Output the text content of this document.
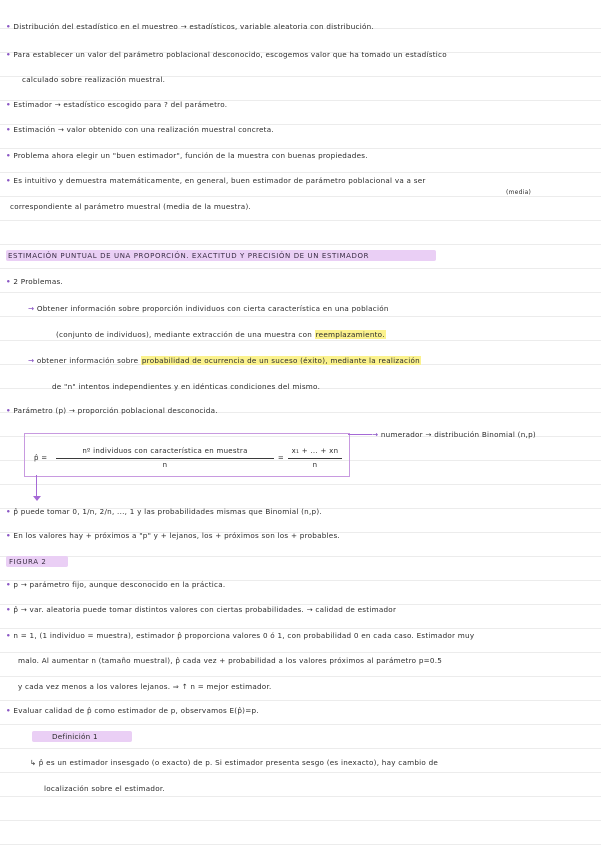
• Distribución del estadístico en el muestreo → estadísticos, variable aleatoria con distribución.
• Para establecer un valor del parámetro poblacional desconocido, escogemos valor que ha tomado un estadístico
calculado sobre realización muestral.
• Estimador → estadístico escogido para ? del parámetro.
• Estimación → valor obtenido con una realización muestral concreta.
• Problema ahora elegir un "buen estimador", función de la muestra con buenas propiedades.
• Es intuitivo y demuestra matemáticamente, en general, buen estimador de parámetro poblacional va a ser
(media)
correspondiente al parámetro muestral (media de la muestra).
ESTIMACIÓN PUNTUAL DE UNA PROPORCIÓN. EXACTITUD Y PRECISIÓN DE UN ESTIMADOR
• 2 Problemas.
→ Obtener información sobre proporción individuos con cierta característica en una población
(conjunto de individuos), mediante extracción de una muestra con reemplazamiento.
→ obtener información sobre probabilidad de ocurrencia de un suceso (éxito), mediante la realización
de "n" intentos independientes y en idénticas condiciones del mismo.
• Parámetro (p) → proporción poblacional desconocida.
→ numerador → distribución Binomial (n,p)
p̂ =
nº individuos con característica en muestra
n
=
x₁ + ... + xn
n
• p̂ puede tomar 0, 1/n, 2/n, ..., 1 y las probabilidades mismas que Binomial (n,p).
• En los valores hay + próximos a "p" y + lejanos, los + próximos son los + probables.
FIGURA 2
• p → parámetro fijo, aunque desconocido en la práctica.
• p̂ → var. aleatoria puede tomar distintos valores con ciertas probabilidades. → calidad de estimador
• n = 1, (1 individuo = muestra), estimador p̂ proporciona valores 0 ó 1, con probabilidad 0 en cada caso. Estimador muy
malo. Al aumentar n (tamaño muestral), p̂ cada vez + probabilidad a los valores próximos al parámetro p=0.5
y cada vez menos a los valores lejanos. ⇒ ↑ n = mejor estimador.
• Evaluar calidad de p̂ como estimador de p, observamos E(p̂)=p.
Definición 1
↳ p̂ es un estimador insesgado (o exacto) de p. Si estimador presenta sesgo (es inexacto), hay cambio de
localización sobre el estimador.
